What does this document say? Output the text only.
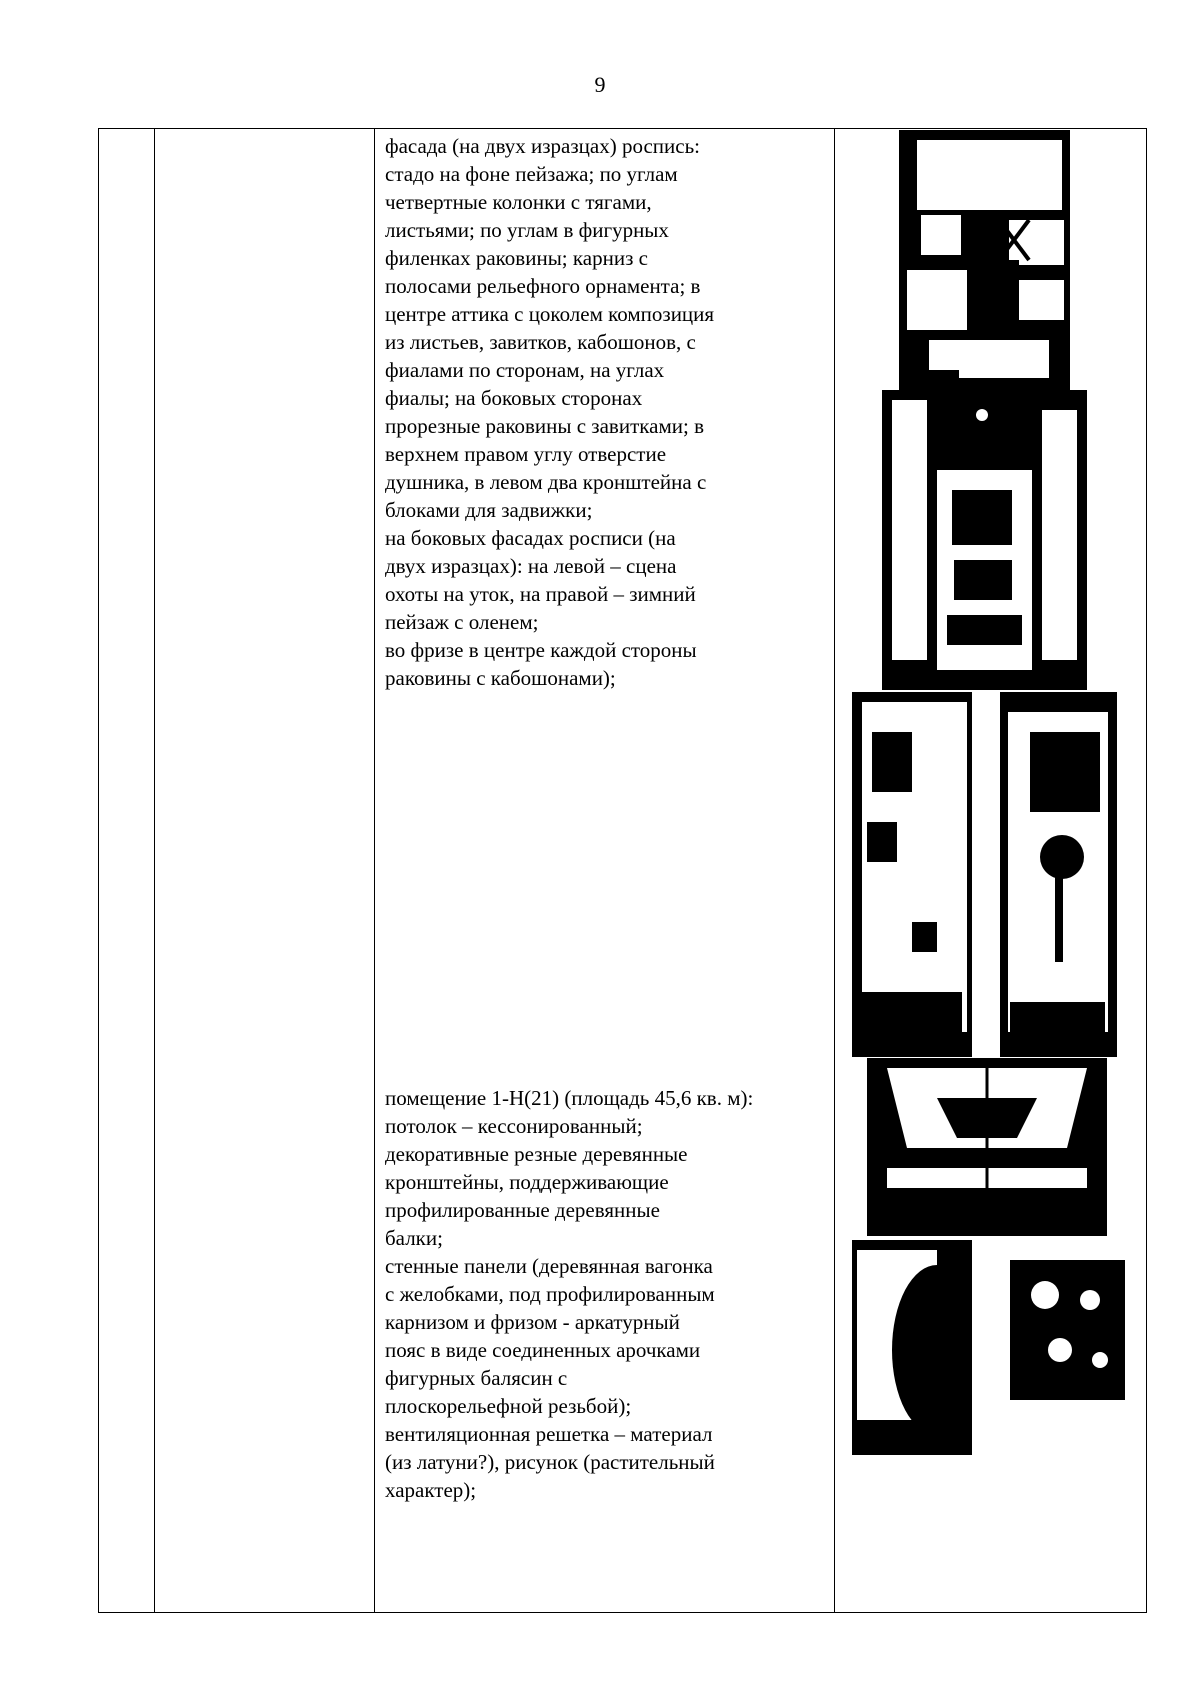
9
фасада (на двух изразцах) роспись:
стадо на фоне пейзажа; по углам
четвертные колонки с тягами,
листьями; по углам в фигурных
филенках раковины; карниз с
полосами рельефного орнамента; в
центре аттика с цоколем композиция
из листьев, завитков, кабошонов, с
фиалами по сторонам, на углах
фиалы; на боковых сторонах
прорезные раковины с завитками; в
верхнем правом углу отверстие
душника, в левом два кронштейна с
блоками для задвижки;
на боковых фасадах росписи (на
двух изразцах): на левой – сцена
охоты на уток, на правой – зимний
пейзаж с оленем;
во фризе в центре каждой стороны
раковины с кабошонами);
помещение 1-Н(21) (площадь 45,6 кв. м):
потолок – кессонированный;
декоративные резные деревянные
кронштейны, поддерживающие
профилированные деревянные
балки;
стенные панели (деревянная вагонка
с желобками, под профилированным
карнизом и фризом - аркатурный
пояс в виде соединенных арочками
фигурных балясин с
плоскорельефной резьбой);
вентиляционная решетка – материал
(из латуни?), рисунок (растительный
характер);
